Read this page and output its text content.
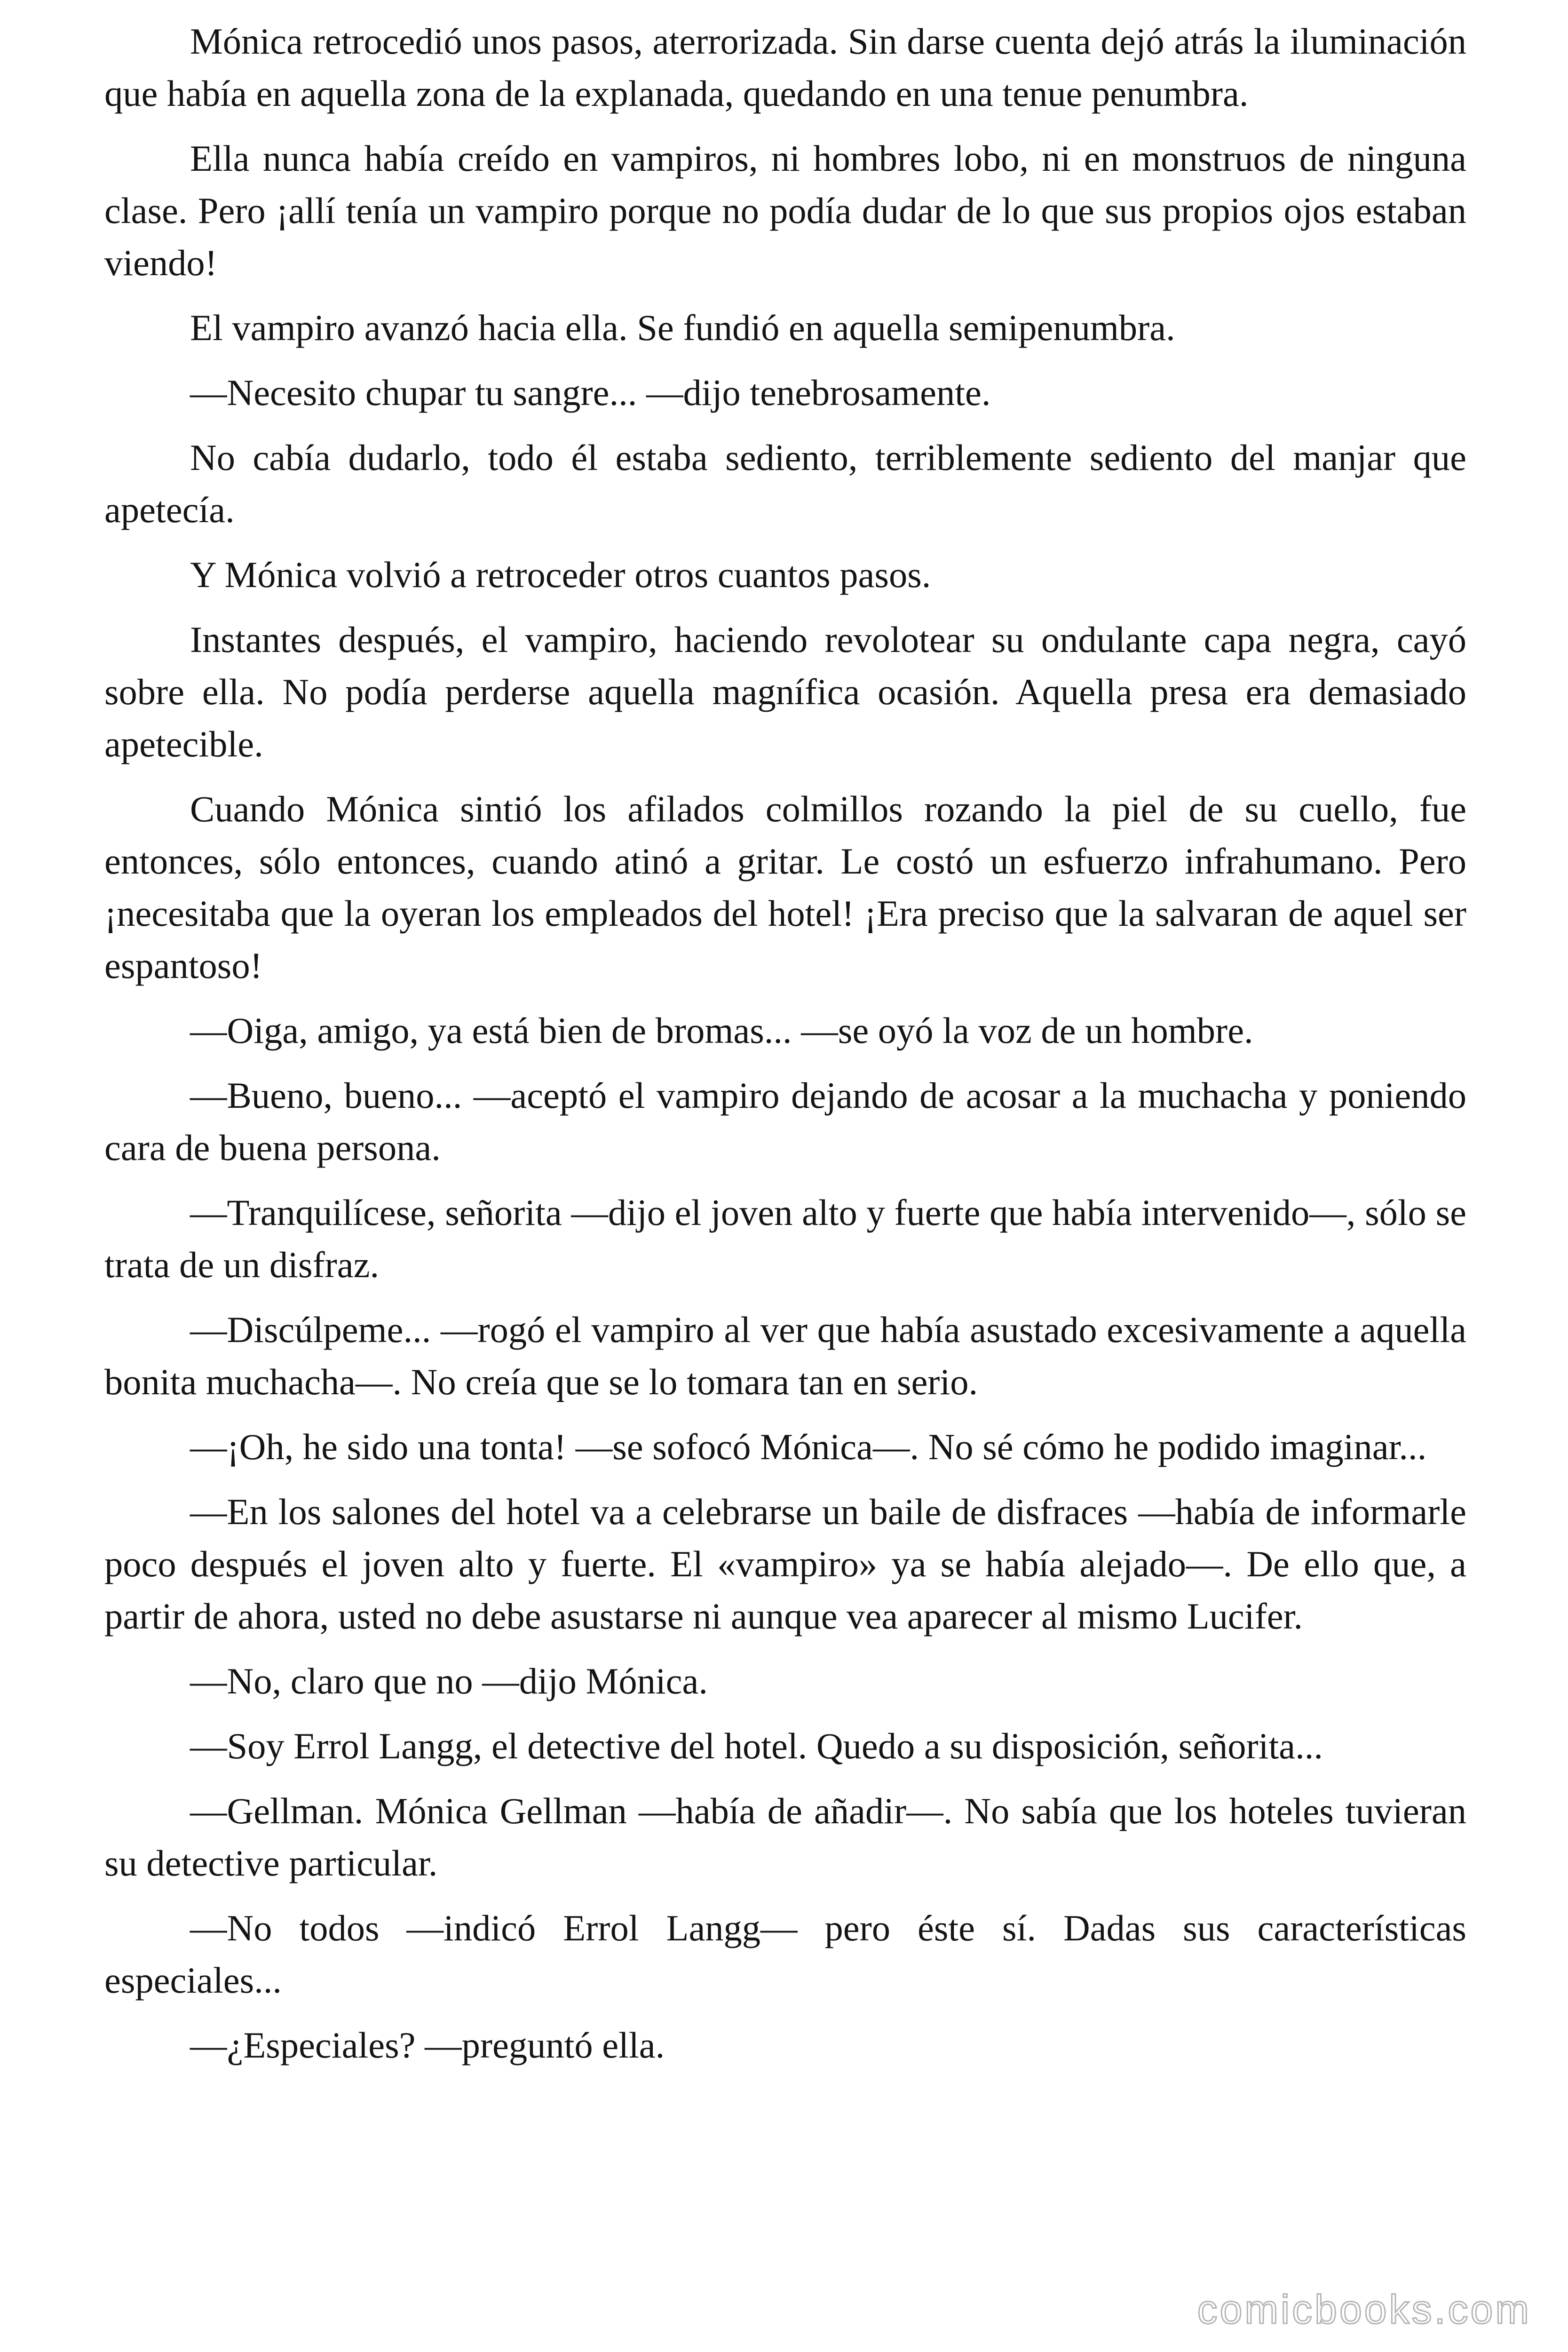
Mónica retrocedió unos pasos, aterrorizada. Sin darse cuenta dejó atrás la iluminación que había en aquella zona de la explanada, quedando en una tenue penumbra.

Ella nunca había creído en vampiros, ni hombres lobo, ni en monstruos de ninguna clase. Pero ¡allí tenía un vampiro porque no podía dudar de lo que sus propios ojos estaban viendo!

El vampiro avanzó hacia ella. Se fundió en aquella semipenumbra.

—Necesito chupar tu sangre... —dijo tenebrosamente.

No cabía dudarlo, todo él estaba sediento, terriblemente sediento del manjar que apetecía.

Y Mónica volvió a retroceder otros cuantos pasos.

Instantes después, el vampiro, haciendo revolotear su ondulante capa negra, cayó sobre ella. No podía perderse aquella magnífica ocasión. Aquella presa era demasiado apetecible.

Cuando Mónica sintió los afilados colmillos rozando la piel de su cuello, fue entonces, sólo entonces, cuando atinó a gritar. Le costó un esfuerzo infrahumano. Pero ¡necesitaba que la oyeran los empleados del hotel! ¡Era preciso que la salvaran de aquel ser espantoso!

—Oiga, amigo, ya está bien de bromas... —se oyó la voz de un hombre.

—Bueno, bueno... —aceptó el vampiro dejando de acosar a la muchacha y poniendo cara de buena persona.

—Tranquilícese, señorita —dijo el joven alto y fuerte que había intervenido—, sólo se trata de un disfraz.

—Discúlpeme... —rogó el vampiro al ver que había asustado excesivamente a aquella bonita muchacha—. No creía que se lo tomara tan en serio.

—¡Oh, he sido una tonta! —se sofocó Mónica—. No sé cómo he podido imaginar...

—En los salones del hotel va a celebrarse un baile de disfraces —había de informarle poco después el joven alto y fuerte. El «vampiro» ya se había alejado—. De ello que, a partir de ahora, usted no debe asustarse ni aunque vea aparecer al mismo Lucifer.

—No, claro que no —dijo Mónica.

—Soy Errol Langg, el detective del hotel. Quedo a su disposición, señorita...

—Gellman. Mónica Gellman —había de añadir—. No sabía que los hoteles tuvieran su detective particular.

—No todos —indicó Errol Langg— pero éste sí. Dadas sus características especiales...

—¿Especiales? —preguntó ella.

comicbooks.com
